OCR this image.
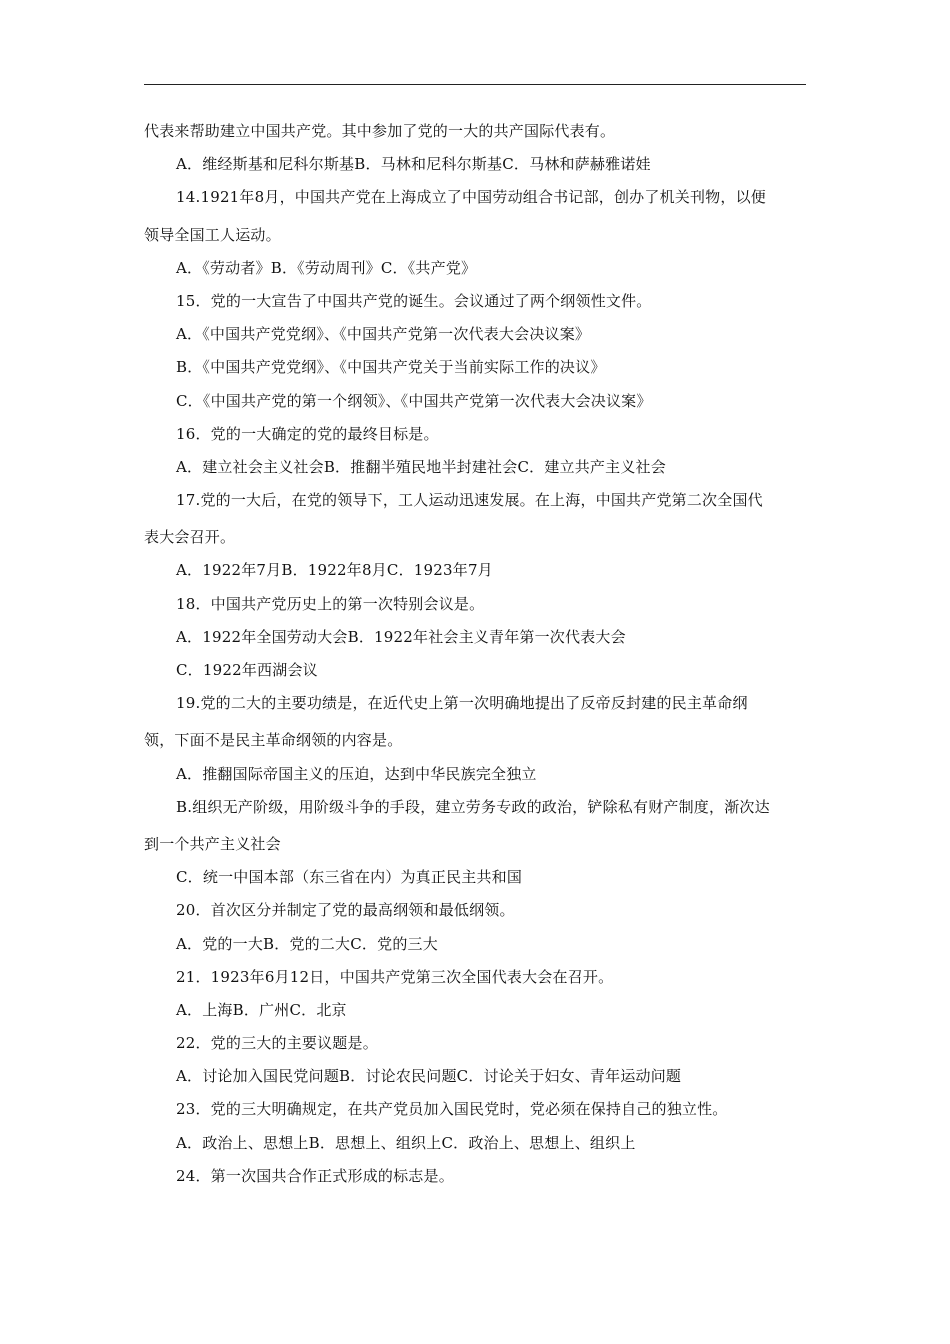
代表来帮助建立中国共产党。其中参加了党的一大的共产国际代表有。
A．维经斯基和尼科尔斯基B．马林和尼科尔斯基C．马林和萨赫雅诺娃
14.1921年8月，中国共产党在上海成立了中国劳动组合书记部，创办了机关刊物，以便
领导全国工人运动。
A．《劳动者》B．《劳动周刊》C．《共产党》
15．党的一大宣告了中国共产党的诞生。会议通过了两个纲领性文件。
A．《中国共产党党纲》、《中国共产党第一次代表大会决议案》
B．《中国共产党党纲》、《中国共产党关于当前实际工作的决议》
C．《中国共产党的第一个纲领》、《中国共产党第一次代表大会决议案》
16．党的一大确定的党的最终目标是。
A．建立社会主义社会B．推翻半殖民地半封建社会C．建立共产主义社会
17.党的一大后，在党的领导下，工人运动迅速发展。在上海，中国共产党第二次全国代
表大会召开。
A．1922年7月B．1922年8月C．1923年7月
18．中国共产党历史上的第一次特别会议是。
A．1922年全国劳动大会B．1922年社会主义青年第一次代表大会
C．1922年西湖会议
19.党的二大的主要功绩是，在近代史上第一次明确地提出了反帝反封建的民主革命纲
领，下面不是民主革命纲领的内容是。
A．推翻国际帝国主义的压迫，达到中华民族完全独立
B.组织无产阶级，用阶级斗争的手段，建立劳务专政的政治，铲除私有财产制度，渐次达
到一个共产主义社会
C．统一中国本部（东三省在内）为真正民主共和国
20．首次区分并制定了党的最高纲领和最低纲领。
A．党的一大B．党的二大C．党的三大
21．1923年6月12日，中国共产党第三次全国代表大会在召开。
A．上海B．广州C．北京
22．党的三大的主要议题是。
A．讨论加入国民党问题B．讨论农民问题C．讨论关于妇女、青年运动问题
23．党的三大明确规定，在共产党员加入国民党时，党必须在保持自己的独立性。
A．政治上、思想上B．思想上、组织上C．政治上、思想上、组织上
24．第一次国共合作正式形成的标志是。
